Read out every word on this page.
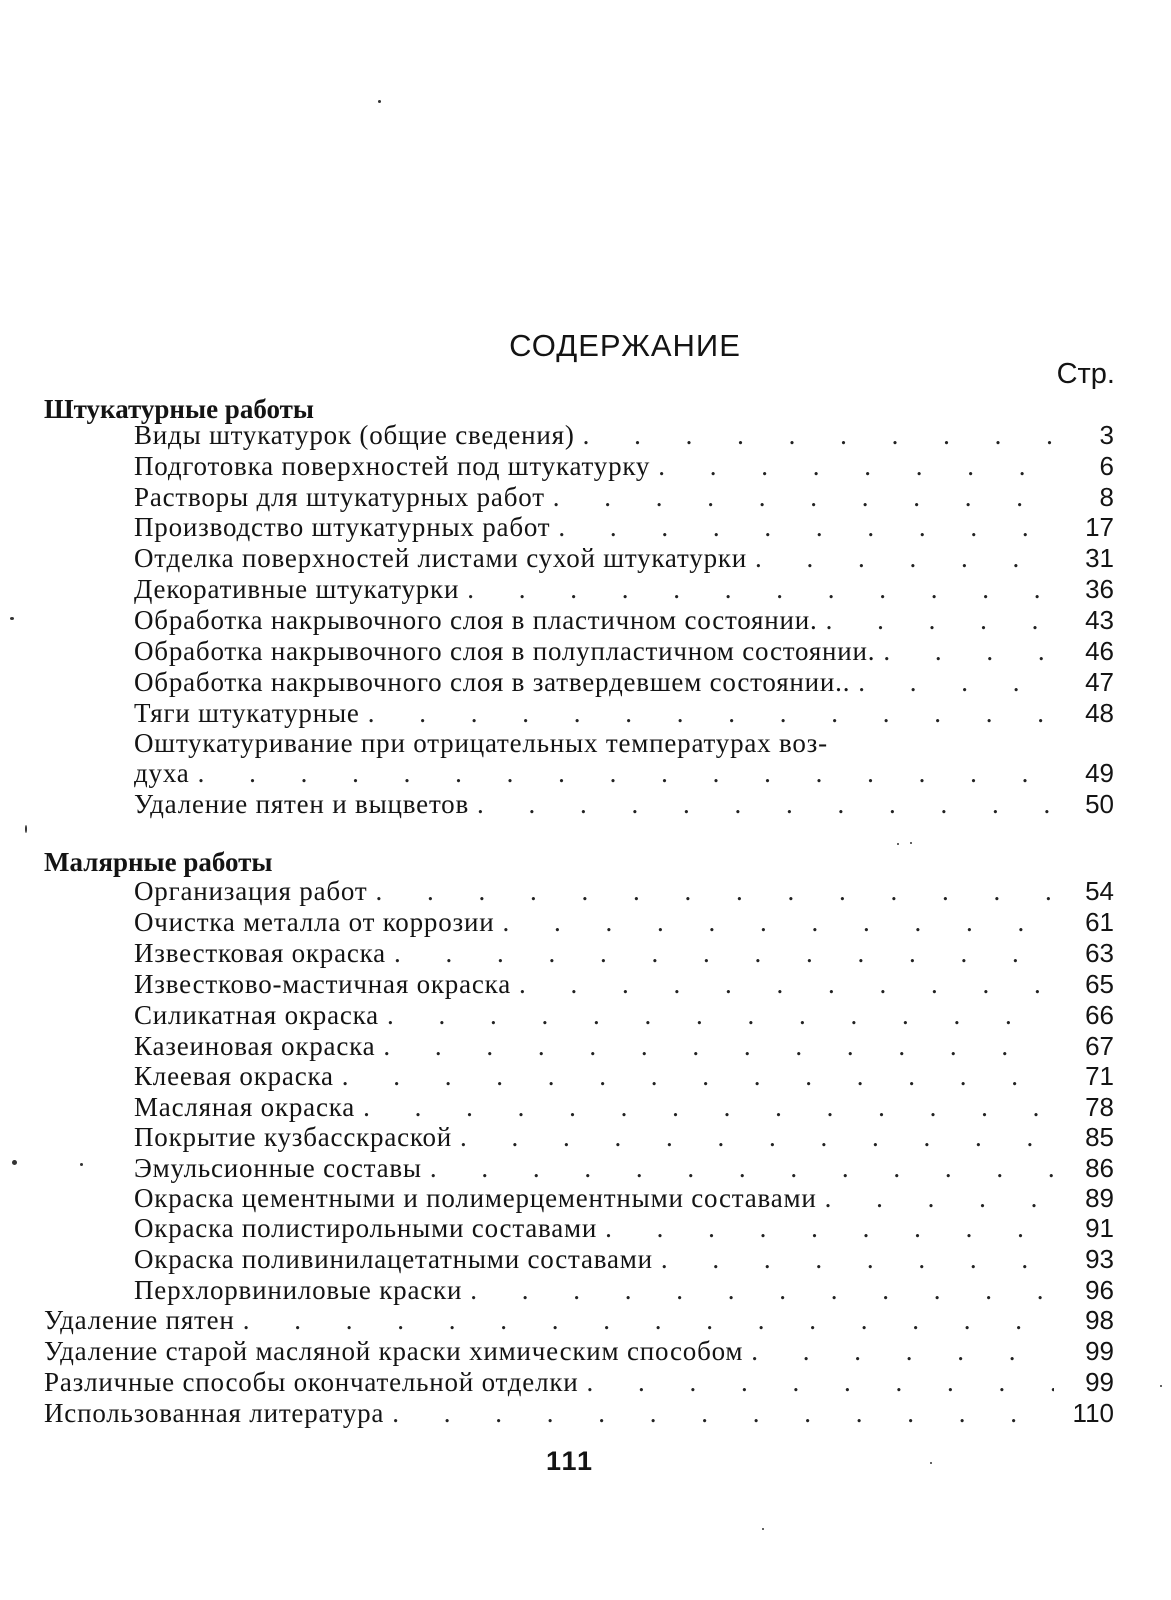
СОДЕРЖАНИЕ
Стр.
Штукатурные работы
Виды штукатурок (общие сведения) . . .	3
Подготовка поверхностей под штукатурку . . .	6
Растворы для штукатурных работ . . .	8
Производство штукатурных работ . . .	17
Отделка поверхностей листами сухой штукатурки . . .	31
Декоративные штукатурки . . .	36
Обработка накрывочного слоя в пластичном состоянии. . . .	43
Обработка накрывочного слоя в полупластичном состоянии. . . .	46
Обработка накрывочного слоя в затвердевшем состоянии.. . . .	47
Тяги штукатурные . . .	48
Оштукатуривание при отрицательных температурах воз-
духа . . .	49
Удаление пятен и выцветов . . .	50
Малярные работы
Организация работ . . .	54
Очистка металла от коррозии . . .	61
Известковая окраска . . .	63
Известково-мастичная окраска . . .	65
Силикатная окраска . . .	66
Казеиновая окраска . . .	67
Клеевая окраска . . .	71
Масляная окраска . . .	78
Покрытие кузбасскраской . . .	85
Эмульсионные составы . . .	86
Окраска цементными и полимерцементными составами . . .	89
Окраска полистирольными составами . . .	91
Окраска поливинилацетатными составами . . .	93
Перхлорвиниловые краски . . .	96
Удаление пятен . . .	98
Удаление старой масляной краски химическим способом . . .	99
Различные способы окончательной отделки . . .	99
Использованная литература . . .	110
111
